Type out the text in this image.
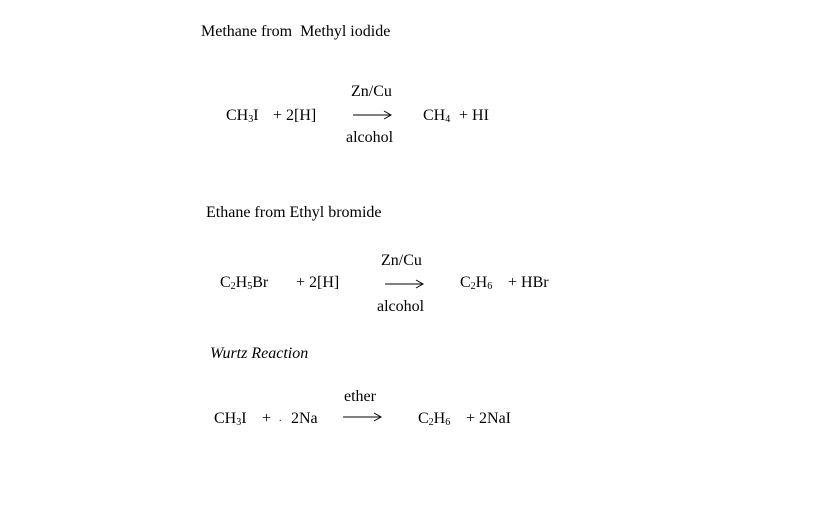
Methane from  Methyl iodide
$CH_3I + 2[H]$
Zn/Cu
alcohol
$CH_4$ + HI
Ethane from Ethyl bromide
Zn/Cu
$C_2H_5Br + 2[H]$
alcohol
$C_2H_6$ + HBr
Wurtz Reaction
ether
$CH_3I$ + . 2Na	$C_2H_6 + 2NaI$
